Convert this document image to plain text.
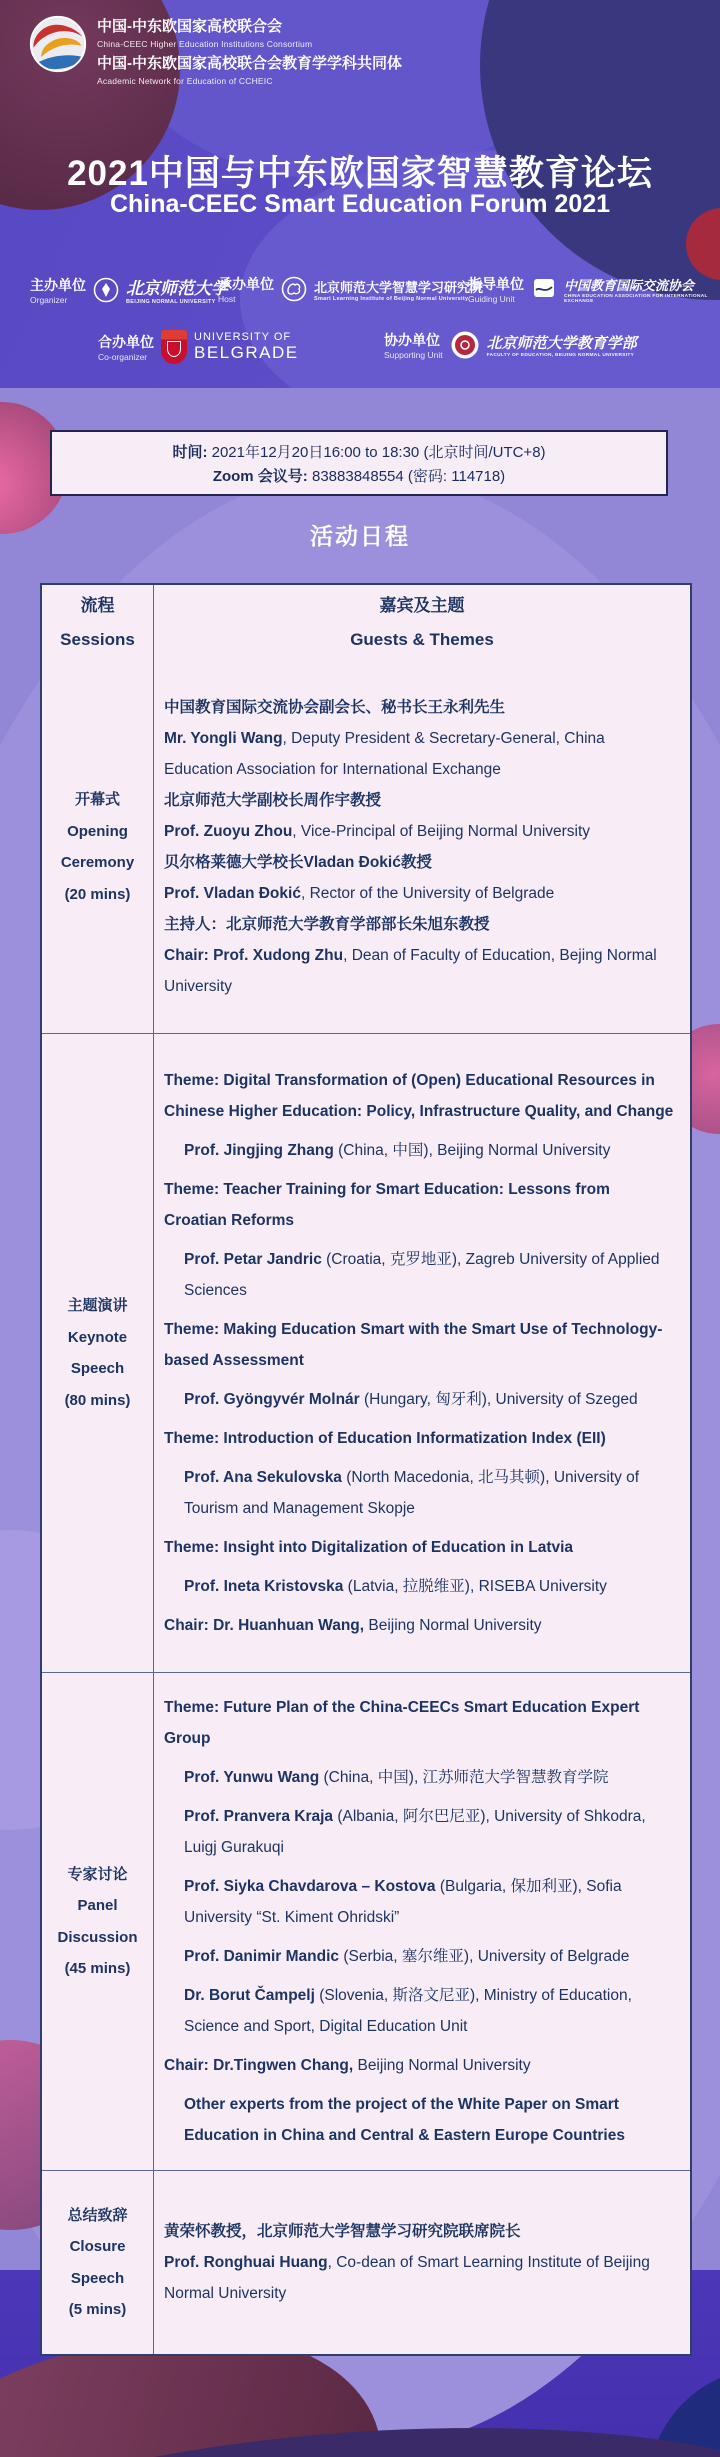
中国-中东欧国家高校联合会
China-CEEC Higher Education Institutions Consortium
中国-中东欧国家高校联合会教育学学科共同体
Academic Network for Education of CCHEIC
2021中国与中东欧国家智慧教育论坛
China-CEEC Smart Education Forum 2021
主办单位
Organizer
北京师范大学
BEIJING NORMAL UNIVERSITY
承办单位
Host
北京师范大学智慧学习研究院
Smart Learning Institute of Beijing Normal University
指导单位
Guiding Unit
中国教育国际交流协会
CHINA EDUCATION ASSOCIATION FOR INTERNATIONAL EXCHANGE
合办单位
Co-organizer
UNIVERSITY OF
BELGRADE
协办单位
Supporting Unit
北京师范大学教育学部
FACULTY OF EDUCATION, BEIJING NORMAL UNIVERSITY
时间: 2021年12月20日16:00 to 18:30 (北京时间/UTC+8)
Zoom 会议号: 83883848554 (密码: 114718)
活动日程
流程
Sessions
嘉宾及主题
Guests & Themes
开幕式
Opening
Ceremony
(20 mins)

中国教育国际交流协会副会长、秘书长王永利先生

Mr. Yongli Wang, Deputy President & Secretary-General, China Education Association for International Exchange

北京师范大学副校长周作宇教授

Prof. Zuoyu Zhou, Vice-Principal of Beijing Normal University

贝尔格莱德大学校长Vladan Đokić教授

Prof. Vladan Đokić, Rector of the University of Belgrade

主持人：北京师范大学教育学部部长朱旭东教授

Chair: Prof. Xudong Zhu, Dean of Faculty of Education, Bejing Normal University

主题演讲
Keynote
Speech
(80 mins)

Theme: Digital Transformation of (Open) Educational Resources in Chinese Higher Education: Policy, Infrastructure Quality, and Change

Prof. Jingjing Zhang (China, 中国), Beijing Normal University

Theme: Teacher Training for Smart Education: Lessons from Croatian Reforms

Prof. Petar Jandric (Croatia, 克罗地亚), Zagreb University of Applied Sciences

Theme: Making Education Smart with the Smart Use of Technology-based Assessment

Prof. Gyöngyvér Molnár (Hungary, 匈牙利), University of Szeged

Theme: Introduction of Education Informatization Index (EII)

Prof. Ana Sekulovska (North Macedonia, 北马其顿), University of Tourism and Management Skopje

Theme: Insight into Digitalization of Education in Latvia

Prof. Ineta Kristovska (Latvia, 拉脱维亚), RISEBA University

Chair: Dr. Huanhuan Wang, Beijing Normal University

专家讨论
Panel
Discussion
(45 mins)

Theme: Future Plan of the China-CEECs Smart Education Expert Group

Prof. Yunwu Wang (China, 中国), 江苏师范大学智慧教育学院

Prof. Pranvera Kraja (Albania, 阿尔巴尼亚), University of Shkodra, Luigj Gurakuqi

Prof. Siyka Chavdarova – Kostova (Bulgaria, 保加利亚), Sofia University “St. Kiment Ohridski”

Prof. Danimir Mandic (Serbia, 塞尔维亚), University of Belgrade

Dr. Borut Čampelj (Slovenia, 斯洛文尼亚), Ministry of Education, Science and Sport, Digital Education Unit

Chair: Dr.Tingwen Chang, Beijing Normal University

Other experts from the project of the White Paper on Smart Education in China and Central & Eastern Europe Countries

总结致辞
Closure
Speech
(5 mins)

黄荣怀教授，北京师范大学智慧学习研究院联席院长

Prof. Ronghuai Huang, Co-dean of Smart Learning Institute of Beijing Normal University
